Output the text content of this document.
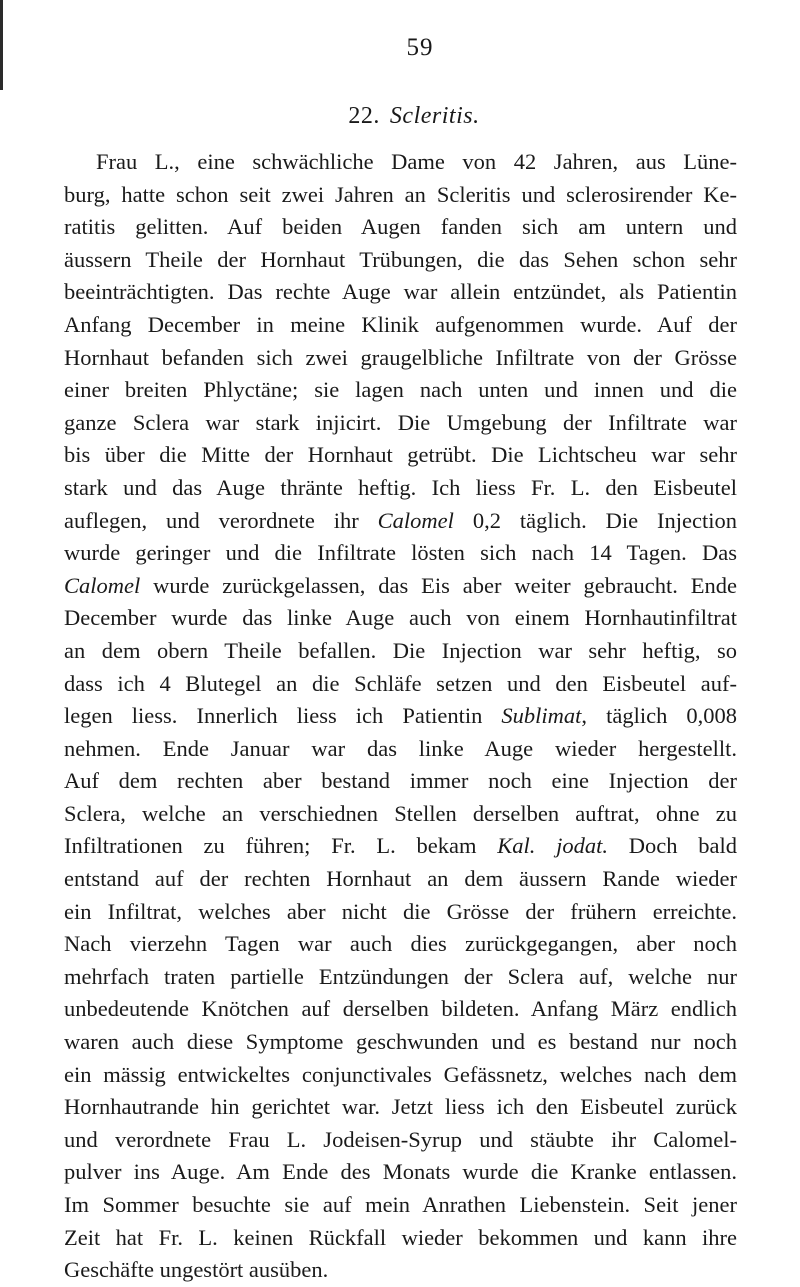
59
22. Scleritis.
Frau L., eine schwächliche Dame von 42 Jahren, aus Lüne-
burg, hatte schon seit zwei Jahren an Scleritis und sclerosirender Ke-
ratitis gelitten. Auf beiden Augen fanden sich am untern und
äussern Theile der Hornhaut Trübungen, die das Sehen schon sehr
beeinträchtigten. Das rechte Auge war allein entzündet, als Patientin
Anfang December in meine Klinik aufgenommen wurde. Auf der
Hornhaut befanden sich zwei graugelbliche Infiltrate von der Grösse
einer breiten Phlyctäne; sie lagen nach unten und innen und die
ganze Sclera war stark injicirt. Die Umgebung der Infiltrate war
bis über die Mitte der Hornhaut getrübt. Die Lichtscheu war sehr
stark und das Auge thränte heftig. Ich liess Fr. L. den Eisbeutel
auflegen, und verordnete ihr Calomel 0,2 täglich. Die Injection
wurde geringer und die Infiltrate lösten sich nach 14 Tagen. Das
Calomel wurde zurückgelassen, das Eis aber weiter gebraucht. Ende
December wurde das linke Auge auch von einem Hornhautinfiltrat
an dem obern Theile befallen. Die Injection war sehr heftig, so
dass ich 4 Blutegel an die Schläfe setzen und den Eisbeutel auf-
legen liess. Innerlich liess ich Patientin Sublimat, täglich 0,008
nehmen. Ende Januar war das linke Auge wieder hergestellt.
Auf dem rechten aber bestand immer noch eine Injection der
Sclera, welche an verschiednen Stellen derselben auftrat, ohne zu
Infiltrationen zu führen; Fr. L. bekam Kal. jodat. Doch bald
entstand auf der rechten Hornhaut an dem äussern Rande wieder
ein Infiltrat, welches aber nicht die Grösse der frühern erreichte.
Nach vierzehn Tagen war auch dies zurückgegangen, aber noch
mehrfach traten partielle Entzündungen der Sclera auf, welche nur
unbedeutende Knötchen auf derselben bildeten. Anfang März endlich
waren auch diese Symptome geschwunden und es bestand nur noch
ein mässig entwickeltes conjunctivales Gefässnetz, welches nach dem
Hornhautrande hin gerichtet war. Jetzt liess ich den Eisbeutel zurück
und verordnete Frau L. Jodeisen-Syrup und stäubte ihr Calomel-
pulver ins Auge. Am Ende des Monats wurde die Kranke entlassen.
Im Sommer besuchte sie auf mein Anrathen Liebenstein. Seit jener
Zeit hat Fr. L. keinen Rückfall wieder bekommen und kann ihre
Geschäfte ungestört ausüben.
